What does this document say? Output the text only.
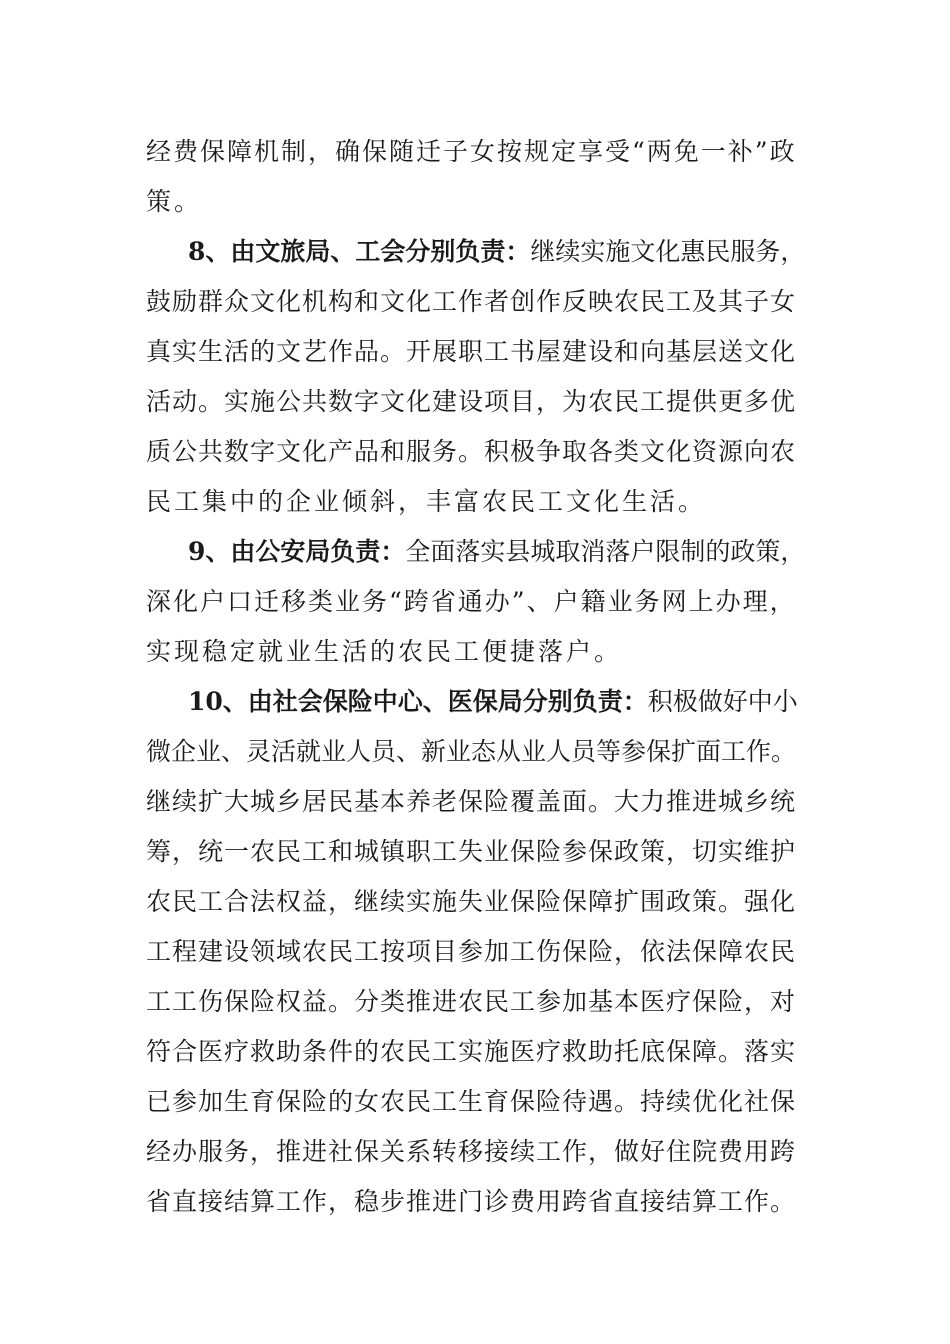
经费保障机制，确保随迁子女按规定享受“两免一补”政
策。
8、由文旅局、工会分别负责：继续实施文化惠民服务，
鼓励群众文化机构和文化工作者创作反映农民工及其子女
真实生活的文艺作品。开展职工书屋建设和向基层送文化
活动。实施公共数字文化建设项目，为农民工提供更多优
质公共数字文化产品和服务。积极争取各类文化资源向农
民工集中的企业倾斜，丰富农民工文化生活。
9、由公安局负责：全面落实县城取消落户限制的政策，
深化户口迁移类业务“跨省通办”、户籍业务网上办理，
实现稳定就业生活的农民工便捷落户。
10、由社会保险中心、医保局分别负责：积极做好中小
微企业、灵活就业人员、新业态从业人员等参保扩面工作。
继续扩大城乡居民基本养老保险覆盖面。大力推进城乡统
筹，统一农民工和城镇职工失业保险参保政策，切实维护
农民工合法权益，继续实施失业保险保障扩围政策。强化
工程建设领域农民工按项目参加工伤保险，依法保障农民
工工伤保险权益。分类推进农民工参加基本医疗保险，对
符合医疗救助条件的农民工实施医疗救助托底保障。落实
已参加生育保险的女农民工生育保险待遇。持续优化社保
经办服务，推进社保关系转移接续工作，做好住院费用跨
省直接结算工作，稳步推进门诊费用跨省直接结算工作。
